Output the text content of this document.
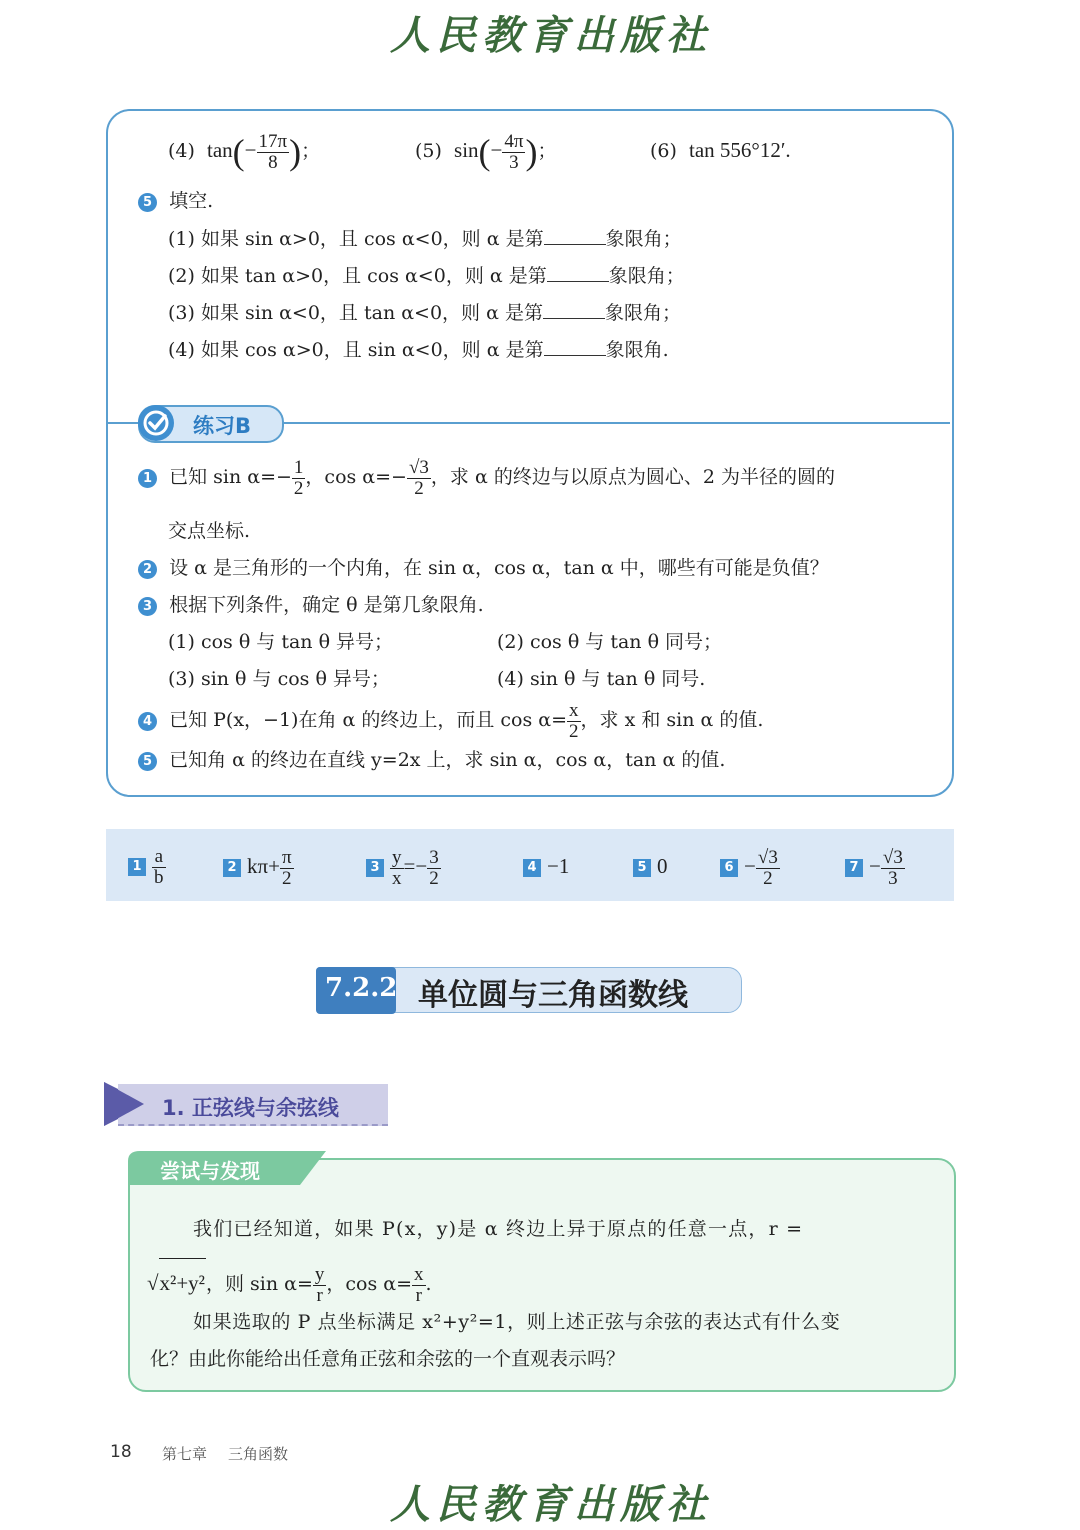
人民教育出版社
(4) $\tan(- \frac{17\pi}{8}$ )；	(5) $\sin(- \frac{4\pi}{3}$ )；	(6) tan 556°12′.
5 填空.
(1) 如果 sin α>0，且 cos α<0，则 α 是第	象限角；
(2) 如果 tan α>0，且 cos α<0，则 α 是第	象限角；
(3) 如果 sin α<0，且 tan α<0，则 α 是第	象限角；
(4) 如果 cos α>0，且 sin α<0，则 α 是第	象限角.
练习B
1 已知 $\sin \alpha=- \frac{1}{2}$ ，$\cos \alpha=- \frac{√3}{2}$ ，求 α 的终边与以原点为圆心、2 为半径的圆的
交点坐标.
2 设 α 是三角形的一个内角，在 sin α，cos α，tan α 中，哪些有可能是负值？
3 根据下列条件，确定 θ 是第几象限角.
(1) cos θ 与 tan θ 异号；	(2) cos θ 与 tan θ 同号；
(3) sin θ 与 cos θ 异号；	(4) sin θ 与 tan θ 同号.
4 已知 P(x，−1)在角 α 的终边上，而且 $\cos \alpha= \frac{x}{2}$ ，求 x 和 sin α 的值.
5 已知角 α 的终边在直线 y=2x 上，求 sin α，cos α，tan α 的值.
$1 \frac{a}{b}$	2 $k\pi+ \frac{\pi}{2}$	$3 \frac{y}{x} =- \frac{3}{2}$	4 −1	5 0	$6 - \frac{√3}{2}$	$7 - \frac{√3}{3}$
7.2.2 单位圆与三角函数线
1. 正弦线与余弦线
尝试与发现
我们已经知道，如果 P(x，y)是 α 终边上异于原点的任意一点，r =
√x²+y²，则 $\sin \alpha= \frac{y}{r}$ ，$\cos \alpha= \frac{x}{r}$ .
如果选取的 P 点坐标满足 x²+y²=1，则上述正弦与余弦的表达式有什么变
化？由此你能给出任意角正弦和余弦的一个直观表示吗？
18 第七章 三角函数
人民教育出版社
